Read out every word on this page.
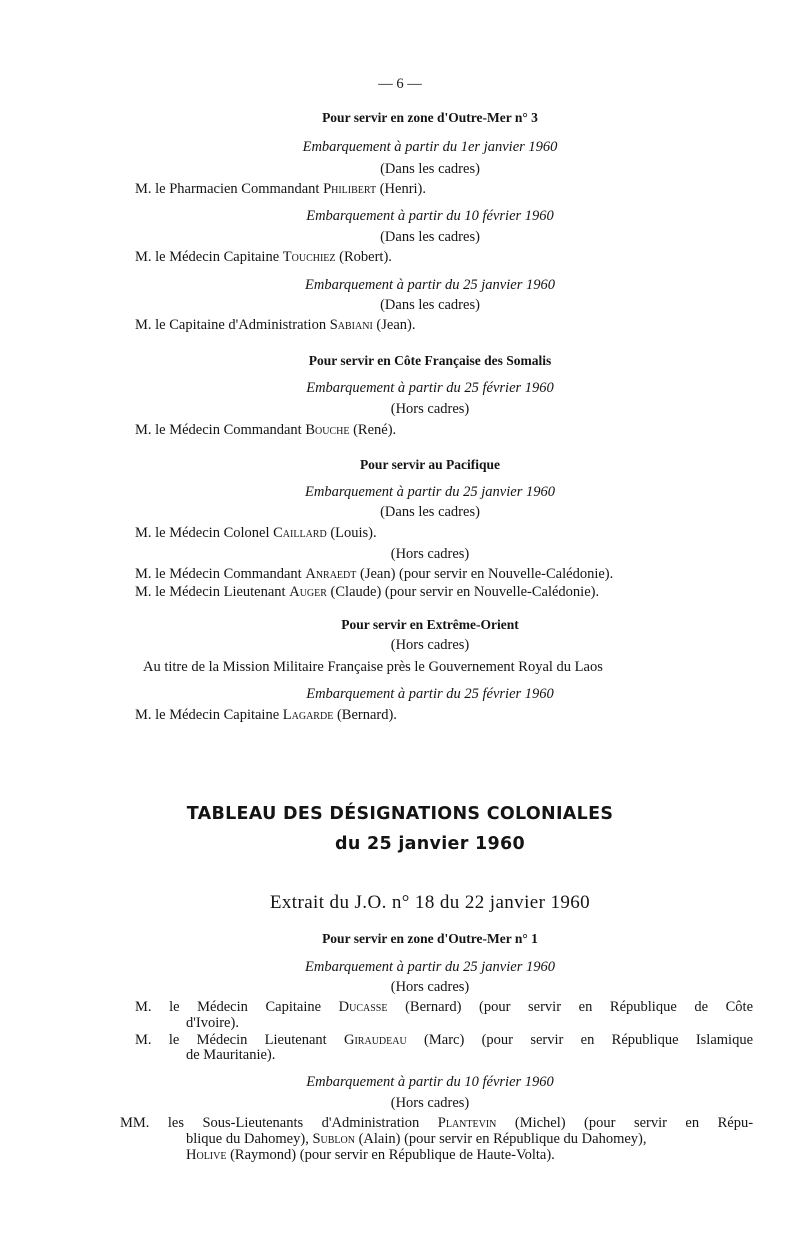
— 6 —
Pour servir en zone d'Outre-Mer n° 3
Embarquement à partir du 1er janvier 1960
(Dans les cadres)
M. le Pharmacien Commandant Philibert (Henri).
Embarquement à partir du 10 février 1960
(Dans les cadres)
M. le Médecin Capitaine Touchiez (Robert).
Embarquement à partir du 25 janvier 1960
(Dans les cadres)
M. le Capitaine d'Administration Sabiani (Jean).
Pour servir en Côte Française des Somalis
Embarquement à partir du 25 février 1960
(Hors cadres)
M. le Médecin Commandant Bouche (René).
Pour servir au Pacifique
Embarquement à partir du 25 janvier 1960
(Dans les cadres)
M. le Médecin Colonel Caillard (Louis).
(Hors cadres)
M. le Médecin Commandant Anraedt (Jean) (pour servir en Nouvelle-Calédonie).
M. le Médecin Lieutenant Auger (Claude) (pour servir en Nouvelle-Calédonie).
Pour servir en Extrême-Orient
(Hors cadres)
Au titre de la Mission Militaire Française près le Gouvernement Royal du Laos
Embarquement à partir du 25 février 1960
M. le Médecin Capitaine Lagarde (Bernard).
TABLEAU DES DÉSIGNATIONS COLONIALES
du 25 janvier 1960
Extrait du J.O. n° 18 du 22 janvier 1960
Pour servir en zone d'Outre-Mer n° 1
Embarquement à partir du 25 janvier 1960
(Hors cadres)
M. le Médecin Capitaine Ducasse (Bernard) (pour servir en République de Côte
d'Ivoire).
M. le Médecin Lieutenant Giraudeau (Marc) (pour servir en République Islamique
de Mauritanie).
Embarquement à partir du 10 février 1960
(Hors cadres)
MM. les Sous-Lieutenants d'Administration Plantevin (Michel) (pour servir en Répu-
blique du Dahomey), Sublon (Alain) (pour servir en République du Dahomey),
Holive (Raymond) (pour servir en République de Haute-Volta).
